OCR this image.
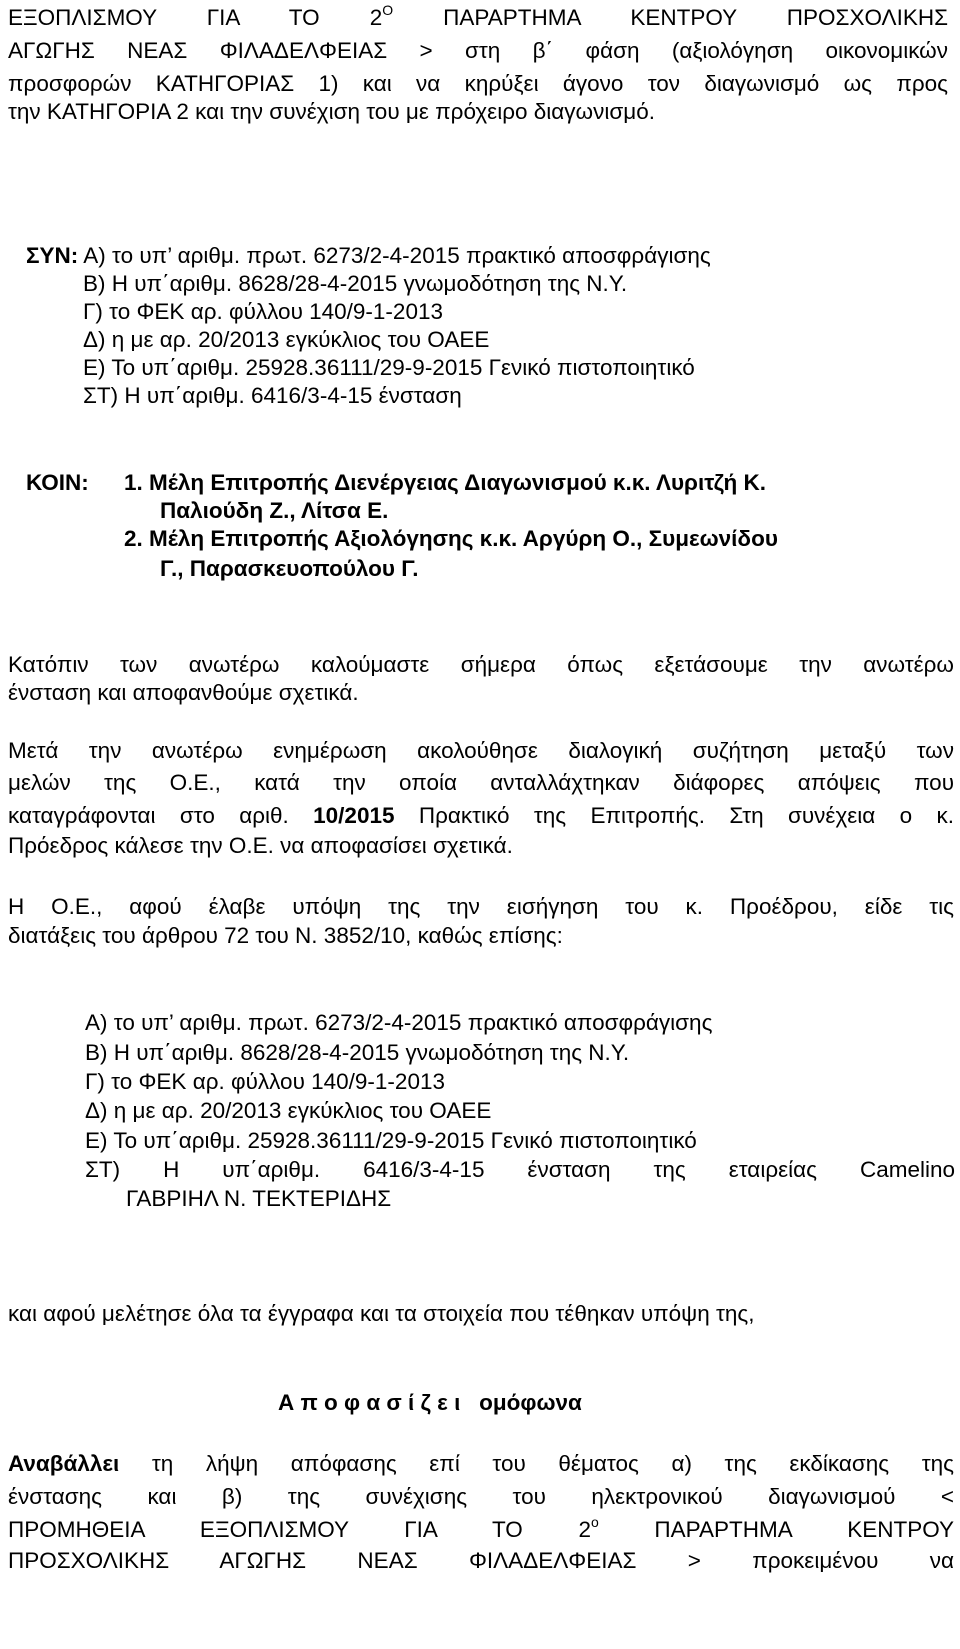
ΕΞΟΠΛΙΣΜΟΥ ΓΙΑ ΤΟ $2^O$ ΠΑΡΑΡΤΗΜΑ ΚΕΝΤΡΟΥ ΠΡΟΣΧΟΛΙΚΗΣ
ΑΓΩΓΗΣ ΝΕΑΣ ΦΙΛΑΔΕΛΦΕΙΑΣ > στη β΄ φάση (αξιολόγηση οικονομικών
προσφορών ΚΑΤΗΓΟΡΙΑΣ 1) και να κηρύξει άγονο τον διαγωνισμό ως προς
την ΚΑΤΗΓΟΡΙΑ 2 και την συνέχιση του με πρόχειρο διαγωνισμό.
ΣΥΝ: Α) το υπ’ αριθμ. πρωτ. 6273/2-4-2015 πρακτικό αποσφράγισης
Β) Η υπ΄αριθμ. 8628/28-4-2015 γνωμοδότηση της Ν.Υ.
Γ) το ΦΕΚ αρ. φύλλου 140/9-1-2013
Δ) η με αρ. 20/2013 εγκύκλιος του ΟΑΕΕ
Ε) Το υπ΄αριθμ. 25928.36111/29-9-2015 Γενικό πιστοποιητικό
ΣΤ) Η υπ΄αριθμ. 6416/3-4-15 ένσταση
ΚΟΙΝ: 1. Μέλη Επιτροπής Διενέργειας Διαγωνισμού κ.κ. Λυριτζή Κ.
Παλιούδη Ζ., Λίτσα Ε.
2. Μέλη Επιτροπής Αξιολόγησης κ.κ. Αργύρη Ο., Συμεωνίδου
Γ., Παρασκευοπούλου Γ.
Κατόπιν των ανωτέρω καλούμαστε σήμερα όπως εξετάσουμε την ανωτέρω
ένσταση και αποφανθούμε σχετικά.
Μετά την ανωτέρω ενημέρωση ακολούθησε διαλογική συζήτηση μεταξύ των
μελών της Ο.Ε., κατά την οποία ανταλλάχτηκαν διάφορες απόψεις που
καταγράφονται στο αριθ. 10/2015 Πρακτικό της Επιτροπής. Στη συνέχεια ο κ.
Πρόεδρος κάλεσε την Ο.Ε. να αποφασίσει σχετικά.
Η Ο.Ε., αφού έλαβε υπόψη της την εισήγηση του κ. Προέδρου, είδε τις
διατάξεις του άρθρου 72 του Ν. 3852/10, καθώς επίσης:
Α) το υπ’ αριθμ. πρωτ. 6273/2-4-2015 πρακτικό αποσφράγισης
Β) Η υπ΄αριθμ. 8628/28-4-2015 γνωμοδότηση της Ν.Υ.
Γ) το ΦΕΚ αρ. φύλλου 140/9-1-2013
Δ) η με αρ. 20/2013 εγκύκλιος του ΟΑΕΕ
Ε) Το υπ΄αριθμ. 25928.36111/29-9-2015 Γενικό πιστοποιητικό
ΣΤ) Η υπ΄αριθμ. 6416/3-4-15 ένσταση της εταιρείας Camelino
ΓΑΒΡΙΗΛ Ν. ΤΕΚΤΕΡΙΔΗΣ
και αφού μελέτησε όλα τα έγγραφα και τα στοιχεία που τέθηκαν υπόψη της,
Α π ο φ α σ ί ζ ε ι ομόφωνα
Αναβάλλει τη λήψη απόφασης επί του θέματος α) της εκδίκασης της
ένστασης και β) της συνέχισης του ηλεκτρονικού διαγωνισμού <
ΠΡΟΜΗΘΕΙΑ ΕΞΟΠΛΙΣΜΟΥ ΓΙΑ ΤΟ $2^o$ ΠΑΡΑΡΤΗΜΑ ΚΕΝΤΡΟΥ
ΠΡΟΣΧΟΛΙΚΗΣ ΑΓΩΓΗΣ ΝΕΑΣ ΦΙΛΑΔΕΛΦΕΙΑΣ > προκειμένου να
